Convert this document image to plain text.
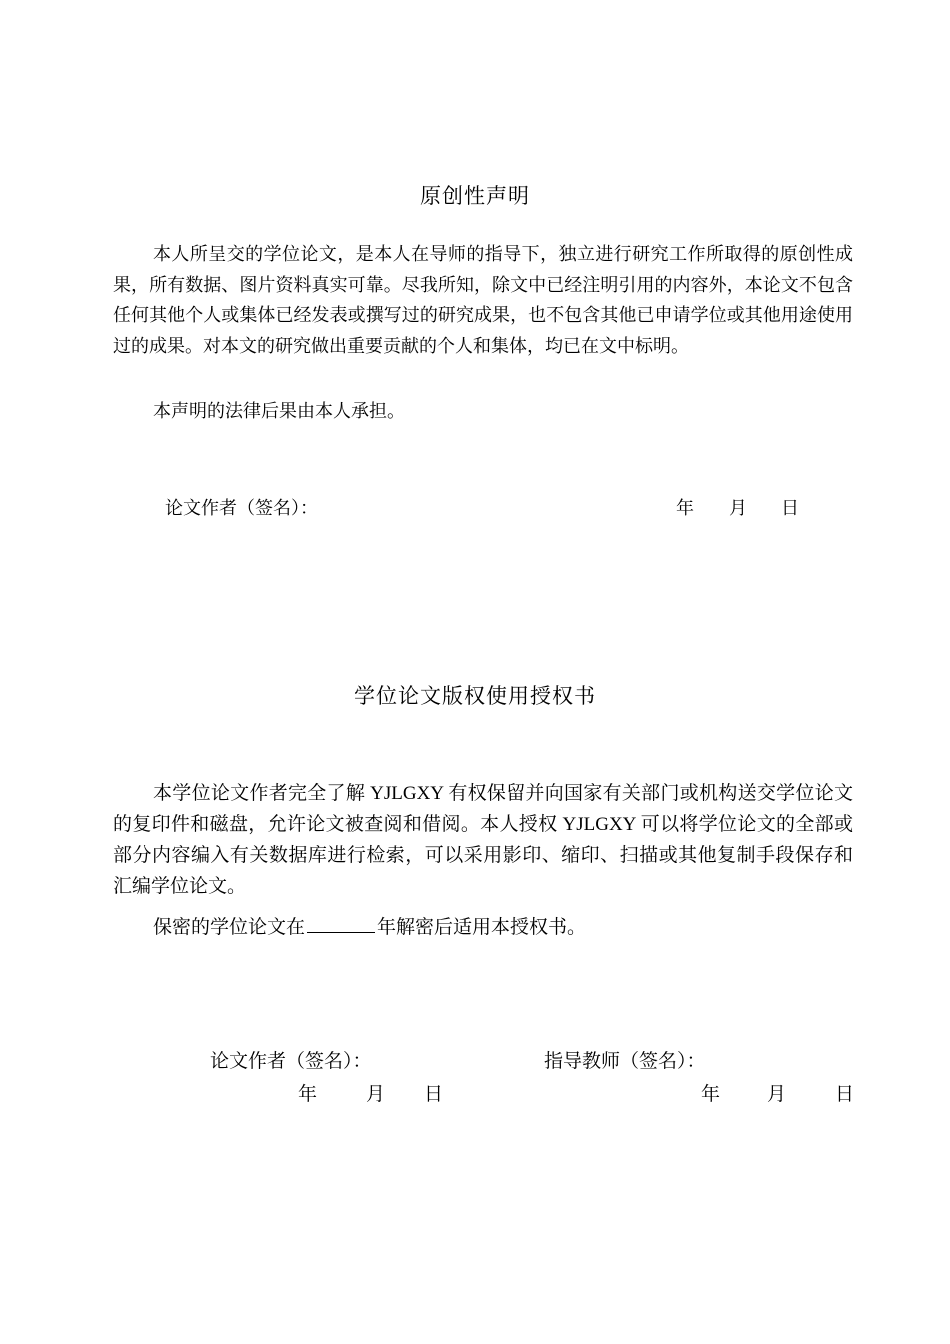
原创性声明

本人所呈交的学位论文，是本人在导师的指导下，独立进行研究工作所取得的原创性成果，所有数据、图片资料真实可靠。尽我所知，除文中已经注明引用的内容外，本论文不包含任何其他个人或集体已经发表或撰写过的研究成果，也不包含其他已申请学位或其他用途使用过的成果。对本文的研究做出重要贡献的个人和集体，均已在文中标明。

本声明的法律后果由本人承担。

论文作者（签名）：	年 月 日
学位论文版权使用授权书

本学位论文作者完全了解 YJLGXY 有权保留并向国家有关部门或机构送交学位论文的复印件和磁盘，允许论文被查阅和借阅。本人授权 YJLGXY 可以将学位论文的全部或部分内容编入有关数据库进行检索，可以采用影印、缩印、扫描或其他复制手段保存和汇编学位论文。

保密的学位论文在	年解密后适用本授权书。

论文作者（签名）：	指导教师（签名）：
年	月 日	年 月	日
